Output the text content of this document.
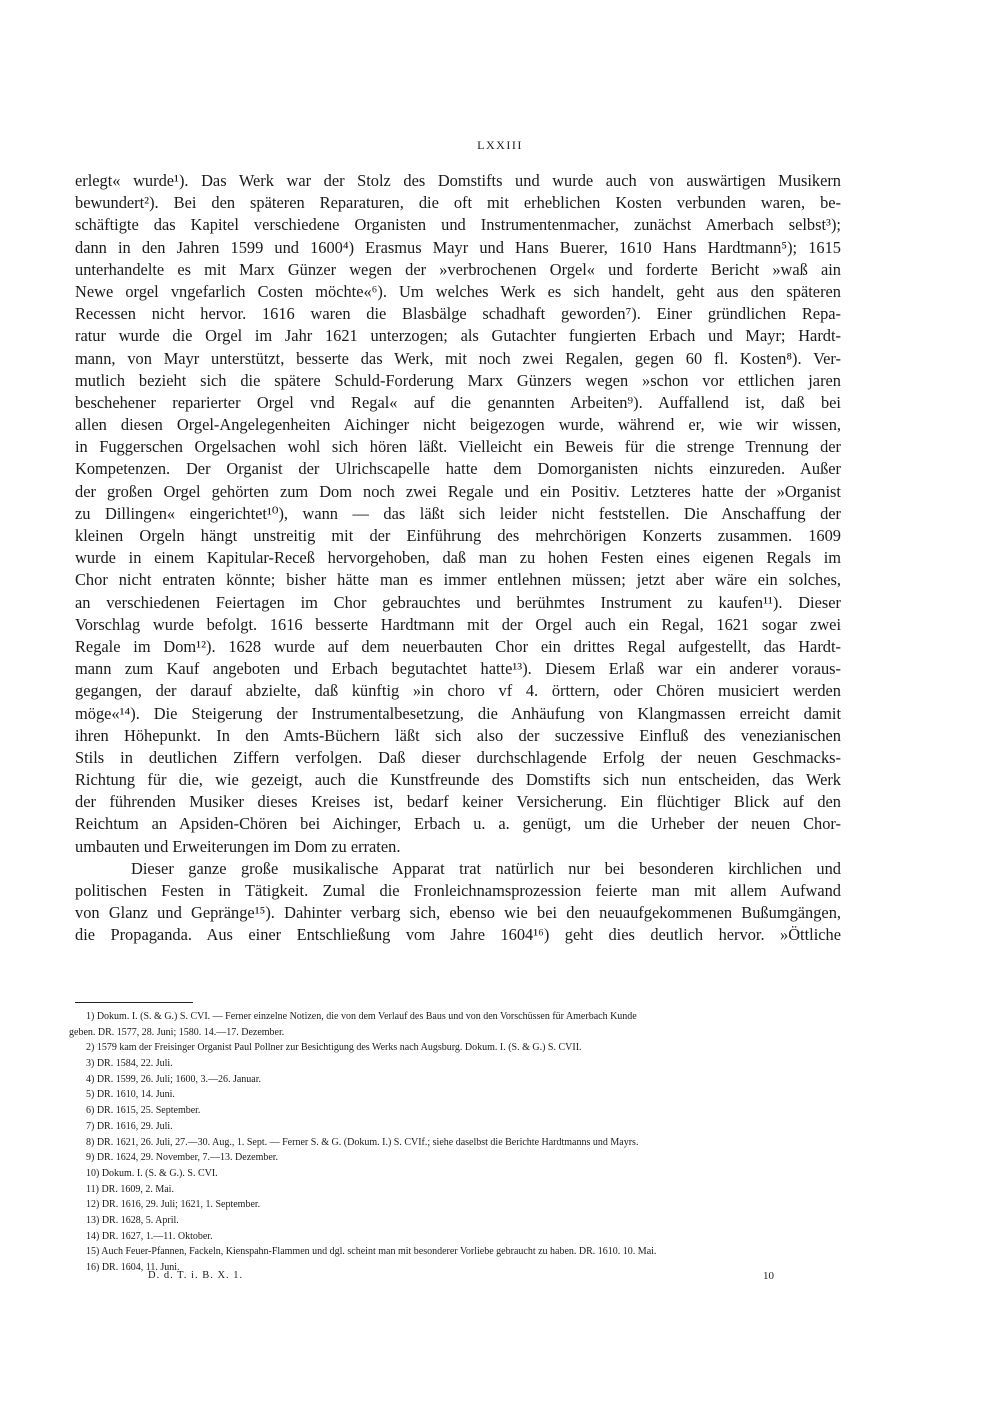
LXXIII
erlegt« wurde¹). Das Werk war der Stolz des Domstifts und wurde auch von auswärtigen Musikern
bewundert²). Bei den späteren Reparaturen, die oft mit erheblichen Kosten verbunden waren, be-
schäftigte das Kapitel verschiedene Organisten und Instrumentenmacher, zunächst Amerbach selbst³);
dann in den Jahren 1599 und 1600⁴) Erasmus Mayr und Hans Buerer, 1610 Hans Hardtmann⁵); 1615
unterhandelte es mit Marx Günzer wegen der »verbrochenen Orgel« und forderte Bericht »waß ain
Newe orgel vngefarlich Costen möchte«⁶). Um welches Werk es sich handelt, geht aus den späteren
Recessen nicht hervor. 1616 waren die Blasbälge schadhaft geworden⁷). Einer gründlichen Repa-
ratur wurde die Orgel im Jahr 1621 unterzogen; als Gutachter fungierten Erbach und Mayr; Hardt-
mann, von Mayr unterstützt, besserte das Werk, mit noch zwei Regalen, gegen 60 fl. Kosten⁸). Ver-
mutlich bezieht sich die spätere Schuld-Forderung Marx Günzers wegen »schon vor ettlichen jaren
beschehener reparierter Orgel vnd Regal« auf die genannten Arbeiten⁹). Auffallend ist, daß bei
allen diesen Orgel-Angelegenheiten Aichinger nicht beigezogen wurde, während er, wie wir wissen,
in Fuggerschen Orgelsachen wohl sich hören läßt. Vielleicht ein Beweis für die strenge Trennung der
Kompetenzen. Der Organist der Ulrichscapelle hatte dem Domorganisten nichts einzureden. Außer
der großen Orgel gehörten zum Dom noch zwei Regale und ein Positiv. Letzteres hatte der »Organist
zu Dillingen« eingerichtet¹⁰), wann — das läßt sich leider nicht feststellen. Die Anschaffung der
kleinen Orgeln hängt unstreitig mit der Einführung des mehrchörigen Konzerts zusammen. 1609
wurde in einem Kapitular-Receß hervorgehoben, daß man zu hohen Festen eines eigenen Regals im
Chor nicht entraten könnte; bisher hätte man es immer entlehnen müssen; jetzt aber wäre ein solches,
an verschiedenen Feiertagen im Chor gebrauchtes und berühmtes Instrument zu kaufen¹¹). Dieser
Vorschlag wurde befolgt. 1616 besserte Hardtmann mit der Orgel auch ein Regal, 1621 sogar zwei
Regale im Dom¹²). 1628 wurde auf dem neuerbauten Chor ein drittes Regal aufgestellt, das Hardt-
mann zum Kauf angeboten und Erbach begutachtet hatte¹³). Diesem Erlaß war ein anderer voraus-
gegangen, der darauf abzielte, daß künftig »in choro vf 4. örttern, oder Chören musiciert werden
möge«¹⁴). Die Steigerung der Instrumentalbesetzung, die Anhäufung von Klangmassen erreicht damit
ihren Höhepunkt. In den Amts-Büchern läßt sich also der suczessive Einfluß des venezianischen
Stils in deutlichen Ziffern verfolgen. Daß dieser durchschlagende Erfolg der neuen Geschmacks-
Richtung für die, wie gezeigt, auch die Kunstfreunde des Domstifts sich nun entscheiden, das Werk
der führenden Musiker dieses Kreises ist, bedarf keiner Versicherung. Ein flüchtiger Blick auf den
Reichtum an Apsiden-Chören bei Aichinger, Erbach u. a. genügt, um die Urheber der neuen Chor-
umbauten und Erweiterungen im Dom zu erraten.
Dieser ganze große musikalische Apparat trat natürlich nur bei besonderen kirchlichen und
politischen Festen in Tätigkeit. Zumal die Fronleichnamsprozession feierte man mit allem Aufwand
von Glanz und Gepränge¹⁵). Dahinter verbarg sich, ebenso wie bei den neuaufgekommenen Bußumgängen,
die Propaganda. Aus einer Entschließung vom Jahre 1604¹⁶) geht dies deutlich hervor. »Öttliche
1) Dokum. I. (S. & G.) S. CVI. — Ferner einzelne Notizen, die von dem Verlauf des Baus und von den Vorschüssen für Amerbach Kunde
geben. DR. 1577, 28. Juni; 1580. 14.—17. Dezember.
2) 1579 kam der Freisinger Organist Paul Pollner zur Besichtigung des Werks nach Augsburg. Dokum. I. (S. & G.) S. CVII.
3) DR. 1584, 22. Juli.
4) DR. 1599, 26. Juli; 1600, 3.—26. Januar.
5) DR. 1610, 14. Juni.
6) DR. 1615, 25. September.
7) DR. 1616, 29. Juli.
8) DR. 1621, 26. Juli, 27.—30. Aug., 1. Sept. — Ferner S. & G. (Dokum. I.) S. CVIf.; siehe daselbst die Berichte Hardtmanns und Mayrs.
9) DR. 1624, 29. November, 7.—13. Dezember.
10) Dokum. I. (S. & G.). S. CVI.
11) DR. 1609, 2. Mai.
12) DR. 1616, 29. Juli; 1621, 1. September.
13) DR. 1628, 5. April.
14) DR. 1627, 1.—11. Oktober.
15) Auch Feuer-Pfannen, Fackeln, Kienspahn-Flammen und dgl. scheint man mit besonderer Vorliebe gebraucht zu haben. DR. 1610. 10. Mai.
16) DR. 1604, 11. Juni.
D. d. T. i. B. X. 1.	10
